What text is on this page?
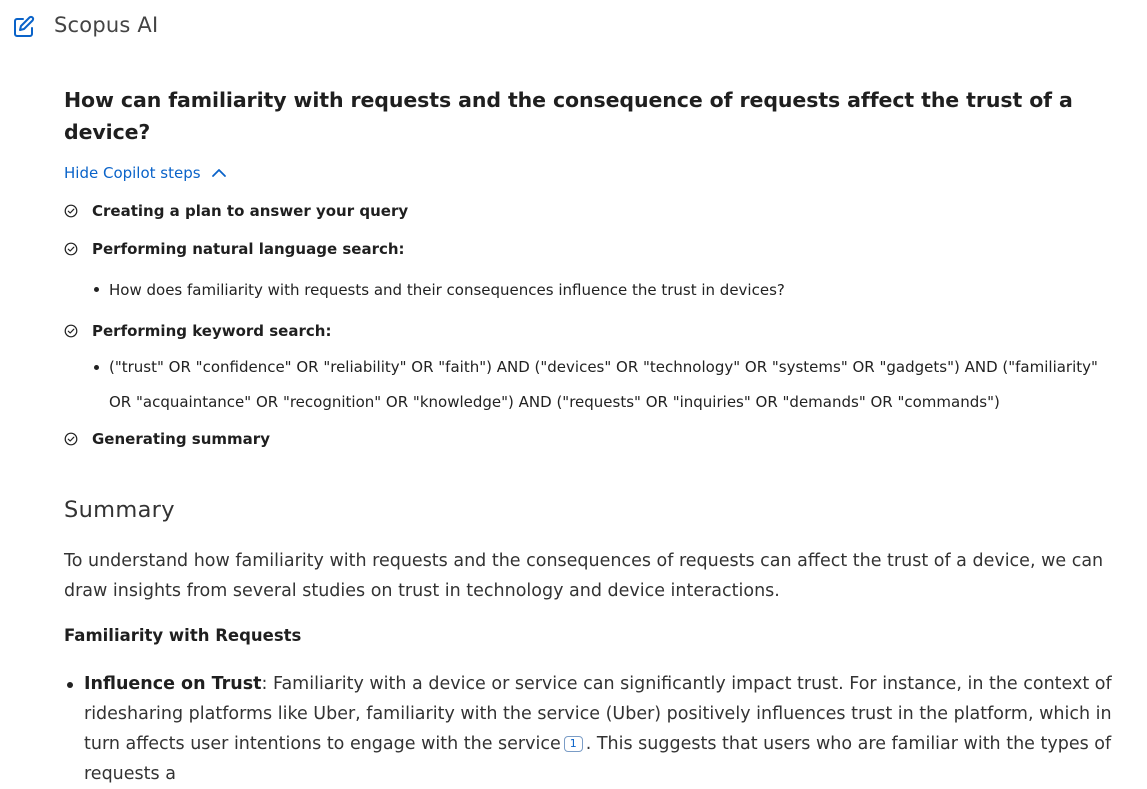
Scopus AI
How can familiarity with requests and the consequence of requests affect the trust of a device?
Hide Copilot steps
Creating a plan to answer your query
Performing natural language search:
How does familiarity with requests and their consequences influence the trust in devices?
Performing keyword search:
("trust" OR "confidence" OR "reliability" OR "faith") AND ("devices" OR "technology" OR "systems" OR "gadgets") AND ("familiarity" OR "acquaintance" OR "recognition" OR "knowledge") AND ("requests" OR "inquiries" OR "demands" OR "commands")
Generating summary
Summary

To understand how familiarity with requests and the consequences of requests can affect the trust of a device, we can draw insights from several studies on trust in technology and device interactions.

Familiarity with Requests
Influence on Trust: Familiarity with a device or service can significantly impact trust. For instance, in the context of ridesharing platforms like Uber, familiarity with the service (Uber) positively influences trust in the platform, which in turn affects user intentions to engage with the service 1 . This suggests that users who are familiar with the types of requests a
